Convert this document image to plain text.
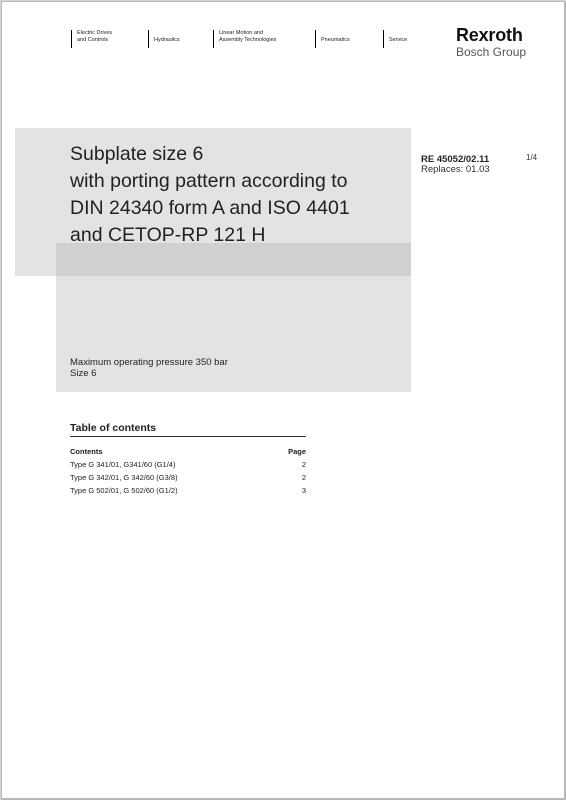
Electric Drives
and Controls	Hydraulics
Linear Motion and
Assembly Technologies	Pneumatics	Service	Rexroth
Bosch Group
Subplate size 6
with porting pattern according to
DIN 24340 form A and ISO 4401
and CETOP-RP 121 H
RE 45052/02.11
Replaces: 01.03
1/4
Maximum operating pressure 350 bar
Size 6
Table of contents
Contents	Page
Type G 341/01, G341/60 (G1/4)	2
Type G 342/01, G 342/60 (G3/8)	2
Type G 502/01, G 502/60 (G1/2)	3
